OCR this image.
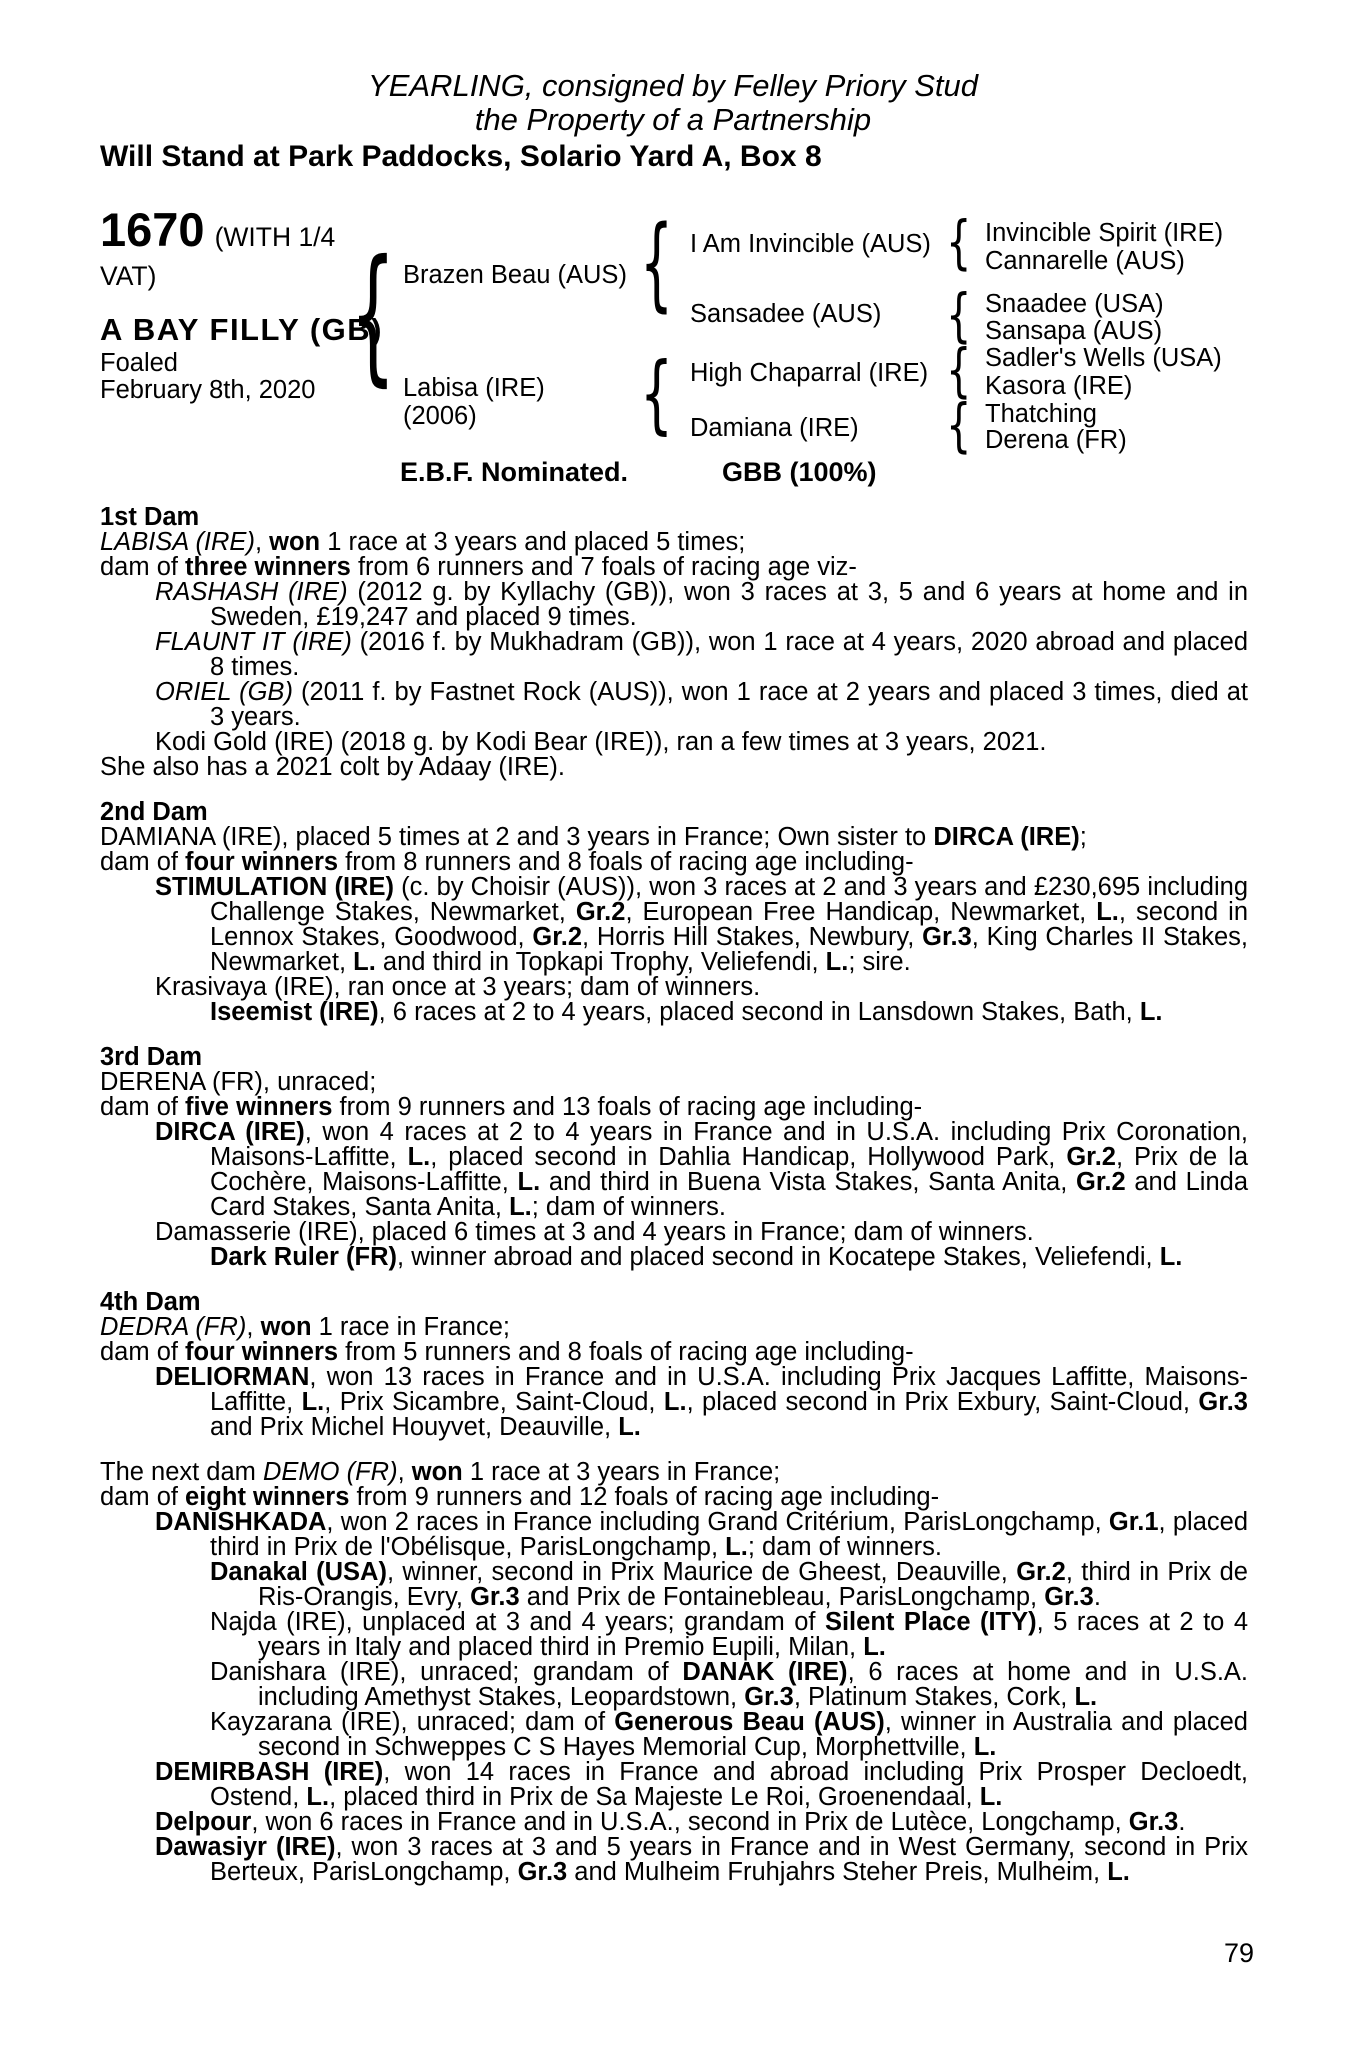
YEARLING, consigned by Felley Priory Stud
the Property of a Partnership
Will Stand at Park Paddocks, Solario Yard A, Box 8
1670 (WITH 1/4
VAT)
A BAY FILLY (GB)
Foaled
February 8th, 2020
{
{
{
{
{
{
{
Brazen Beau (AUS)
Labisa (IRE)
(2006)
I Am Invincible (AUS)
Sansadee (AUS)
High Chaparral (IRE)
Damiana (IRE)
Invincible Spirit (IRE)
Cannarelle (AUS)
Snaadee (USA)
Sansapa (AUS)
Sadler's Wells (USA)
Kasora (IRE)
Thatching
Derena (FR)
E.B.F. Nominated.	GBB (100%)
1st Dam

LABISA (IRE), won 1 race at 3 years and placed 5 times;

dam of three winners from 6 runners and 7 foals of racing age viz-

RASHASH (IRE) (2012 g. by Kyllachy (GB)), won 3 races at 3, 5 and 6 years at home and in Sweden, £19,247 and placed 9 times.

FLAUNT IT (IRE) (2016 f. by Mukhadram (GB)), won 1 race at 4 years, 2020 abroad and placed 8 times.

ORIEL (GB) (2011 f. by Fastnet Rock (AUS)), won 1 race at 2 years and placed 3 times, died at 3 years.

Kodi Gold (IRE) (2018 g. by Kodi Bear (IRE)), ran a few times at 3 years, 2021.

She also has a 2021 colt by Adaay (IRE).

2nd Dam

DAMIANA (IRE), placed 5 times at 2 and 3 years in France; Own sister to DIRCA (IRE);

dam of four winners from 8 runners and 8 foals of racing age including-

STIMULATION (IRE) (c. by Choisir (AUS)), won 3 races at 2 and 3 years and £230,695 including Challenge Stakes, Newmarket, Gr.2, European Free Handicap, Newmarket, L., second in Lennox Stakes, Goodwood, Gr.2, Horris Hill Stakes, Newbury, Gr.3, King Charles II Stakes, Newmarket, L. and third in Topkapi Trophy, Veliefendi, L.; sire.

Krasivaya (IRE), ran once at 3 years; dam of winners.

Iseemist (IRE), 6 races at 2 to 4 years, placed second in Lansdown Stakes, Bath, L.

3rd Dam

DERENA (FR), unraced;

dam of five winners from 9 runners and 13 foals of racing age including-

DIRCA (IRE), won 4 races at 2 to 4 years in France and in U.S.A. including Prix Coronation, Maisons-Laffitte, L., placed second in Dahlia Handicap, Hollywood Park, Gr.2, Prix de la Cochère, Maisons-Laffitte, L. and third in Buena Vista Stakes, Santa Anita, Gr.2 and Linda Card Stakes, Santa Anita, L.; dam of winners.

Damasserie (IRE), placed 6 times at 3 and 4 years in France; dam of winners.

Dark Ruler (FR), winner abroad and placed second in Kocatepe Stakes, Veliefendi, L.

4th Dam

DEDRA (FR), won 1 race in France;

dam of four winners from 5 runners and 8 foals of racing age including-

DELIORMAN, won 13 races in France and in U.S.A. including Prix Jacques Laffitte, Maisons-Laffitte, L., Prix Sicambre, Saint-Cloud, L., placed second in Prix Exbury, Saint-Cloud, Gr.3 and Prix Michel Houyvet, Deauville, L.

The next dam DEMO (FR), won 1 race at 3 years in France;

dam of eight winners from 9 runners and 12 foals of racing age including-

DANISHKADA, won 2 races in France including Grand Critérium, ParisLongchamp, Gr.1, placed third in Prix de l'Obélisque, ParisLongchamp, L.; dam of winners.

Danakal (USA), winner, second in Prix Maurice de Gheest, Deauville, Gr.2, third in Prix de Ris-Orangis, Evry, Gr.3 and Prix de Fontainebleau, ParisLongchamp, Gr.3.

Najda (IRE), unplaced at 3 and 4 years; grandam of Silent Place (ITY), 5 races at 2 to 4 years in Italy and placed third in Premio Eupili, Milan, L.

Danishara (IRE), unraced; grandam of DANAK (IRE), 6 races at home and in U.S.A. including Amethyst Stakes, Leopardstown, Gr.3, Platinum Stakes, Cork, L.

Kayzarana (IRE), unraced; dam of Generous Beau (AUS), winner in Australia and placed second in Schweppes C S Hayes Memorial Cup, Morphettville, L.

DEMIRBASH (IRE), won 14 races in France and abroad including Prix Prosper Decloedt, Ostend, L., placed third in Prix de Sa Majeste Le Roi, Groenendaal, L.

Delpour, won 6 races in France and in U.S.A., second in Prix de Lutèce, Longchamp, Gr.3.

Dawasiyr (IRE), won 3 races at 3 and 5 years in France and in West Germany, second in Prix Berteux, ParisLongchamp, Gr.3 and Mulheim Fruhjahrs Steher Preis, Mulheim, L.

79
